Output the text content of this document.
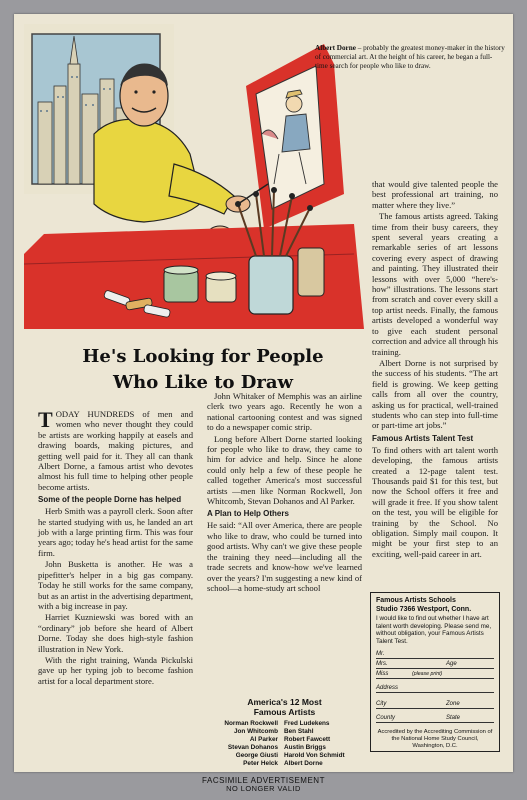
Albert Dorne – probably the greatest money-maker in the history of commercial art. At the height of his career, he began a full-time search for people who like to draw.
He's Looking for People
Who Like to Draw

TODAY HUNDREDS of men and women who never thought they could be artists are working happily at easels and drawing boards, making pictures, and getting well paid for it. They all can thank Albert Dorne, a famous artist who devotes almost his full time to helping other people become artists.

Some of the people Dorne has helped

Herb Smith was a payroll clerk. Soon after he started studying with us, he landed an art job with a large printing firm. This was four years ago; today he's head artist for the same firm.

John Busketta is another. He was a pipefitter's helper in a big gas company. Today he still works for the same company, but as an artist in the advertising department, with a big increase in pay.

Harriet Kuzniewski was bored with an “ordinary” job before she heard of Albert Dorne. Today she does high-style fashion illustration in New York.

With the right training, Wanda Pickulski gave up her typing job to become fashion artist for a local department store.

John Whitaker of Memphis was an airline clerk two years ago. Recently he won a national cartooning contest and was signed to do a newspaper comic strip.

Long before Albert Dorne started looking for people who like to draw, they came to him for advice and help. Since he alone could only help a few of these people he called together America's most successful artists —men like Norman Rockwell, Jon Whitcomb, Stevan Dohanos and Al Parker.

A Plan to Help Others

He said: “All over America, there are people who like to draw, who could be turned into good artists. Why can't we give these people the training they need—including all the trade secrets and know-how we've learned over the years? I'm suggesting a new kind of school—a home-study art school

America's 12 Most
Famous Artists
Norman Rockwell	Fred Ludekens
Jon Whitcomb	Ben Stahl
Al Parker	Robert Fawcett
Stevan Dohanos	Austin Briggs
George Giusti	Harold Von Schmidt
Peter Helck	Albert Dorne

that would give talented people the best professional art training, no matter where they live.”

The famous artists agreed. Taking time from their busy careers, they spent several years creating a remarkable series of art lessons covering every aspect of drawing and painting. They illustrated their lessons with over 5,000 “here's-how” illustrations. The lessons start from scratch and cover every skill a top artist needs. Finally, the famous artists developed a wonderful way to give each student personal correction and advice all through his training.

Albert Dorne is not surprised by the success of his students. “The art field is growing. We keep getting calls from all over the country, asking us for practical, well-trained students who can step into full-time or part-time art jobs.”

Famous Artists Talent Test

To find others with art talent worth developing, the famous artists created a 12-page talent test. Thousands paid $1 for this test, but now the School offers it free and will grade it free. If you show talent on the test, you will be eligible for training by the School. No obligation. Simply mail coupon. It might be your first step to an exciting, well-paid career in art.

Famous Artists Schools
Studio 7366 Westport, Conn.
I would like to find out whether I have art talent worth developing. Please send me, without obligation, your Famous Artists Talent Test.
Mr.
Mrs.	Age
Miss	(please print)
Address
City	Zone
County	State
Accredited by the Accrediting Commission of the National Home Study Council, Washington, D.C.
FACSIMILE ADVERTISEMENT
NO LONGER VALID
